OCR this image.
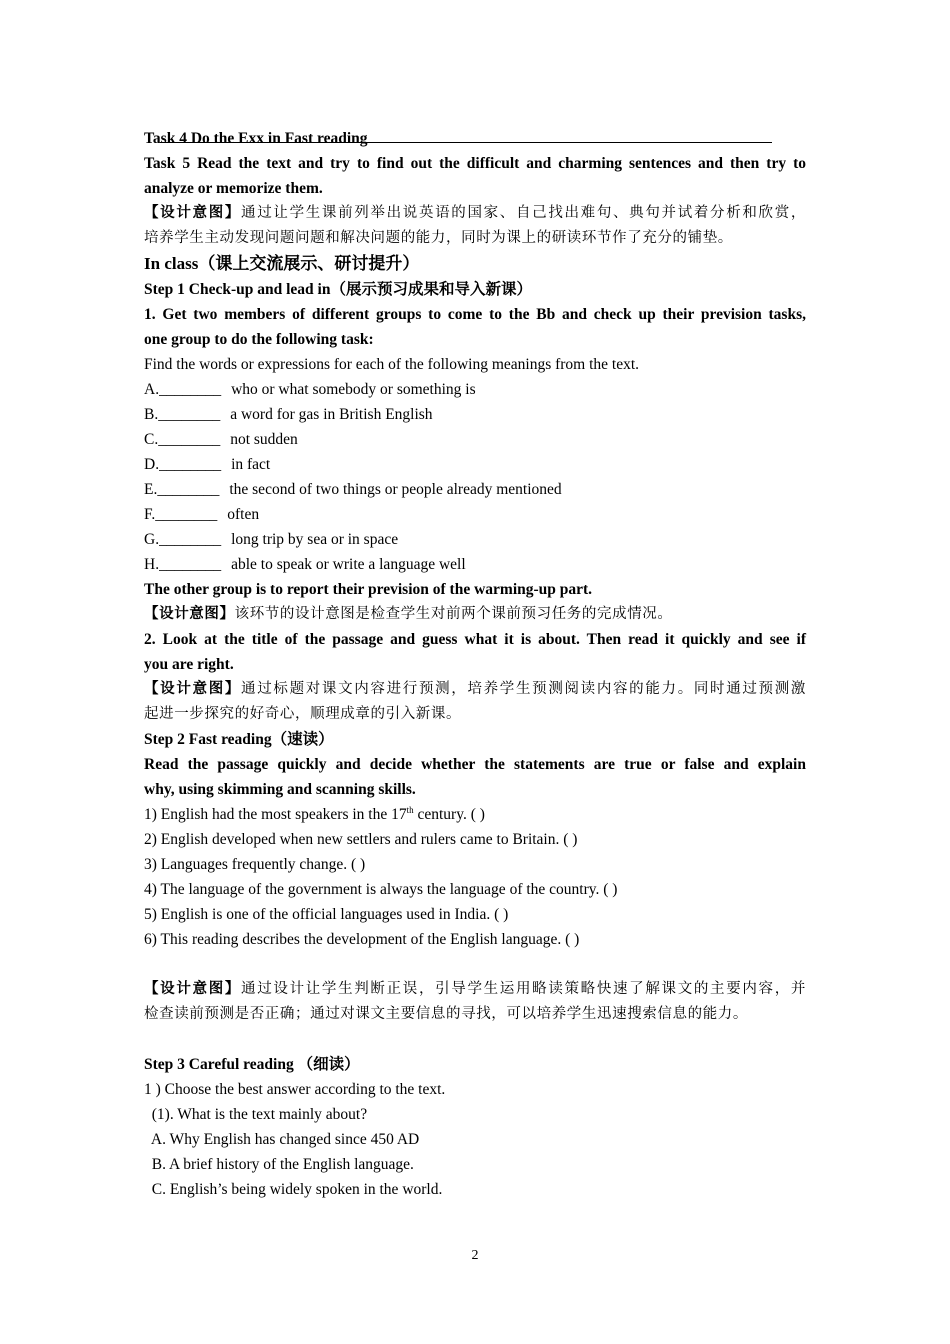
Task 4 Do the Exx in Fast reading

Task 5 Read the text and try to find out the difficult and charming sentences and then try to

analyze or memorize them.

【设计意图】通过让学生课前列举出说英语的国家、自己找出难句、典句并试着分析和欣赏，

培养学生主动发现问题问题和解决问题的能力，同时为课上的研读环节作了充分的铺垫。

In class（课上交流展示、研讨提升）

Step 1 Check-up and lead in（展示预习成果和导入新课）

1. Get two members of different groups to come to the Bb and check up their prevision tasks,

one group to do the following task:

Find the words or expressions for each of the following meanings from the text.

A.________ who or what somebody or something is

B.________ a word for gas in British English

C.________ not sudden

D.________ in fact

E.________ the second of two things or people already mentioned

F.________ often

G.________ long trip by sea or in space

H.________ able to speak or write a language well

The other group is to report their prevision of the warming-up part.

【设计意图】该环节的设计意图是检查学生对前两个课前预习任务的完成情况。

2. Look at the title of the passage and guess what it is about. Then read it quickly and see if

you are right.

【设计意图】通过标题对课文内容进行预测，培养学生预测阅读内容的能力。同时通过预测激

起进一步探究的好奇心，顺理成章的引入新课。

Step 2 Fast reading（速读）

Read the passage quickly and decide whether the statements are true or false and explain

why, using skimming and scanning skills.

1) English had the most speakers in the 17th century. ( )

2) English developed when new settlers and rulers came to Britain. ( )

3) Languages frequently change. ( )

4) The language of the government is always the language of the country. ( )

5) English is one of the official languages used in India. ( )

6) This reading describes the development of the English language. ( )

【设计意图】通过设计让学生判断正误，引导学生运用略读策略快速了解课文的主要内容，并

检查读前预测是否正确；通过对课文主要信息的寻找，可以培养学生迅速搜索信息的能力。

Step 3 Careful reading （细读）

1 ) Choose the best answer according to the text.

(1). What is the text mainly about?

A. Why English has changed since 450 AD

B. A brief history of the English language.

C. English’s being widely spoken in the world.

2
